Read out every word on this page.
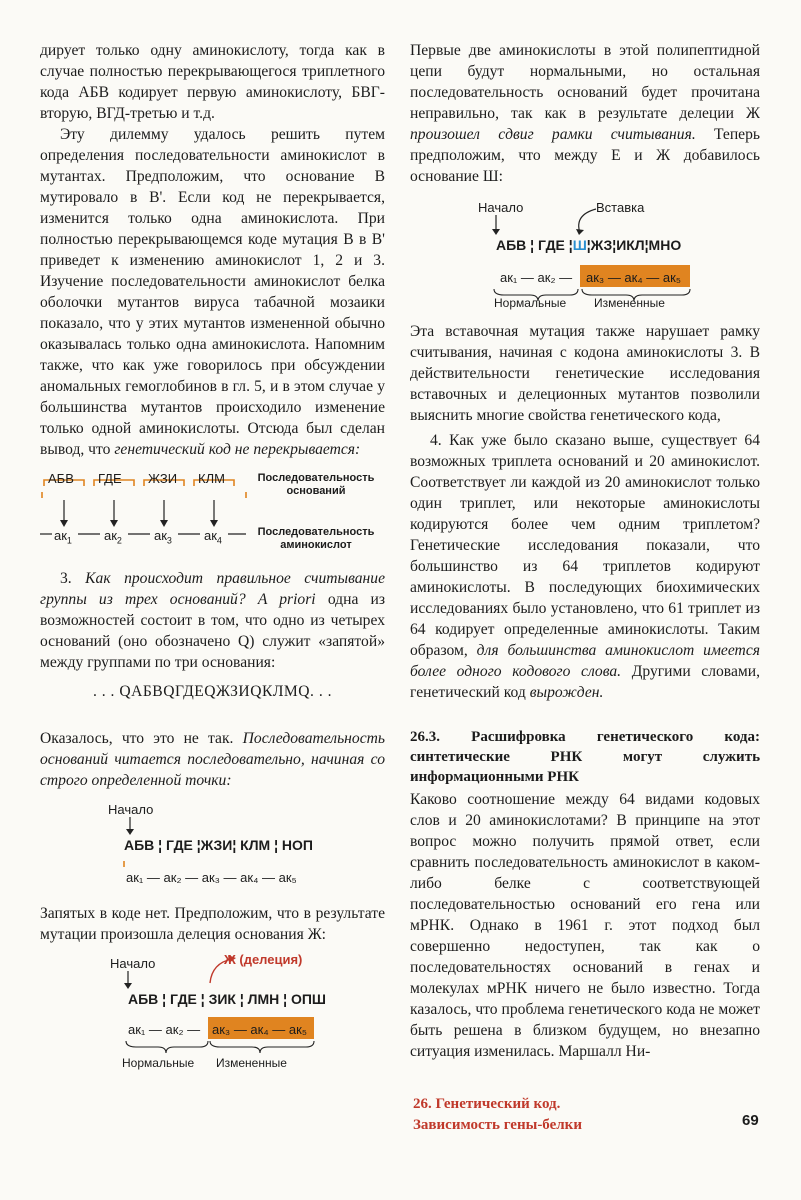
дирует только одну аминокислоту, тогда как в случае полностью перекрывающегося триплетного кода АБВ кодирует первую аминокислоту, БВГ-вторую, ВГД-третью и т.д.

Эту дилемму удалось решить путем определения последовательности аминокислот в мутантах. Предположим, что основание В мутировало в В'. Если код не перекрывается, изменится только одна аминокислота. При полностью перекрывающемся коде мутация В в В' приведет к изменению аминокислот 1, 2 и 3. Изучение последовательности аминокислот белка оболочки мутантов вируса табачной мозаики показало, что у этих мутантов измененной обычно оказывалась только одна аминокислота. Напомним также, что как уже говорилось при обсуждении аномальных гемоглобинов в гл. 5, и в этом случае у большинства мутантов происходило изменение только одной аминокислоты. Отсюда был сделан вывод, что генетический код не перекрывается:

АБВ ГДЕ ЖЗИ КЛМ
$ак_1$ $ак_2$ $ак_3$ $ак_4$
Последовательность оснований
Последовательность аминокислот

3. Как происходит правильное считывание группы из трех оснований? A priori одна из возможностей состоит в том, что одно из четырех оснований (оно обозначено Q) служит «запятой» между группами по три основания:

. . . QАБВQГДЕQЖЗИQКЛМQ. . .

Оказалось, что это не так. Последовательность оснований читается последовательно, начиная со строго определенной точки:

Начало
АБВ ¦ ГДЕ ¦ЖЗИ¦ КЛМ ¦ НОП
ак₁ — ак₂ — ак₃ — ак₄ — ак₅

Запятых в коде нет. Предположим, что в результате мутации произошла делеция основания Ж:

Начало	Ж (делеция)
АБВ ¦ ГДЕ ¦ ЗИК ¦ ЛМН ¦ ОПШ
ак₁ — ак₂ — ак₃ — ак₄ — ак₅
Нормальные Измененные

Первые две аминокислоты в этой полипептидной цепи будут нормальными, но остальная последовательность оснований будет прочитана неправильно, так как в результате делеции Ж произошел сдвиг рамки считывания. Теперь предположим, что между Е и Ж добавилось основание Ш:

Начало	Вставка
АБВ ¦ ГДЕ ¦Ш¦ЖЗ¦ИКЛ¦МНО
ак₁ — ак₂ — ак₃ — ак₄ — ак₅
Нормальные Измененные

Эта вставочная мутация также нарушает рамку считывания, начиная с кодона аминокислоты 3. В действительности генетические исследования вставочных и делеционных мутантов позволили выяснить многие свойства генетического кода,

4. Как уже было сказано выше, существует 64 возможных триплета оснований и 20 аминокислот. Соответствует ли каждой из 20 аминокислот только один триплет, или некоторые аминокислоты кодируются более чем одним триплетом? Генетические исследования показали, что большинство из 64 триплетов кодируют аминокислоты. В последующих биохимических исследованиях было установлено, что 61 триплет из 64 кодирует определенные аминокислоты. Таким образом, для большинства аминокислот имеется более одного кодового слова. Другими словами, генетический код вырожден.

26.3. Расшифровка генетического кода: синтетические РНК могут служить информационными РНК

Каково соотношение между 64 видами кодовых слов и 20 аминокислотами? В принципе на этот вопрос можно получить прямой ответ, если сравнить последовательность аминокислот в каком-либо белке с соответствующей последовательностью оснований его гена или мРНК. Однако в 1961 г. этот подход был совершенно недоступен, так как о последовательностях оснований в генах и молекулах мРНК ничего не было известно. Тогда казалось, что проблема генетического кода не может быть решена в близком будущем, но внезапно ситуация изменилась. Маршалл Ни-

26. Генетический код.
Зависимость гены-белки	69
